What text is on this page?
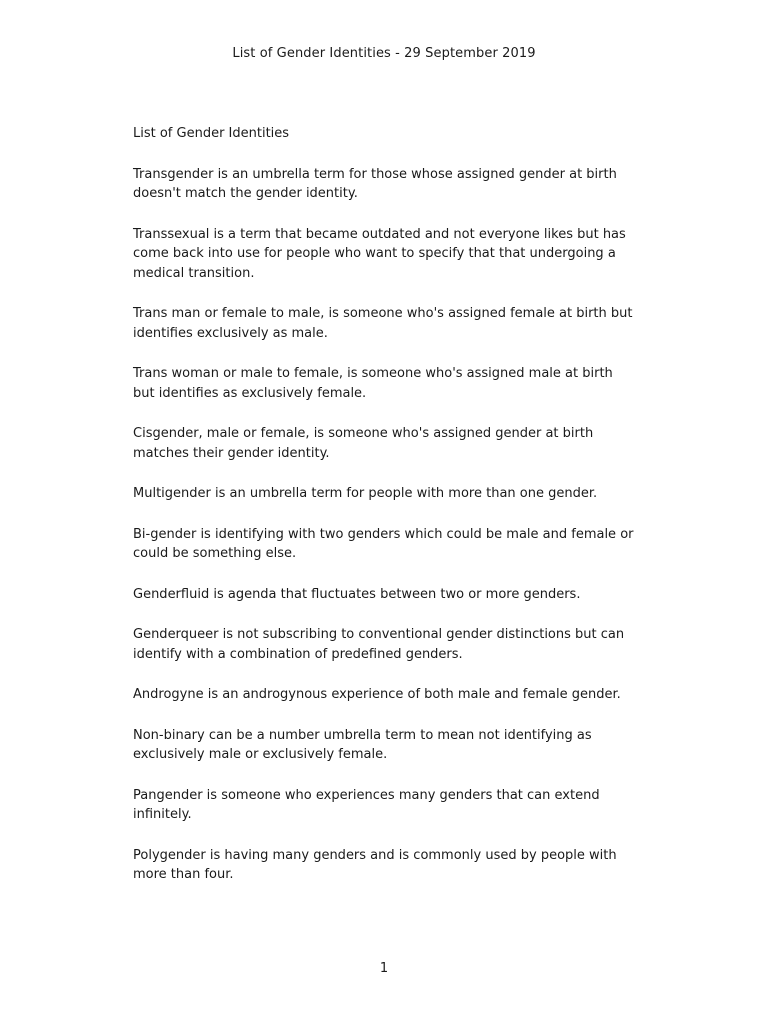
List of Gender Identities - 29 September 2019

List of Gender Identities

Transgender is an umbrella term for those whose assigned gender at birth doesn't match the gender identity.

Transsexual is a term that became outdated and not everyone likes but has come back into use for people who want to specify that that undergoing a medical transition.

Trans man or female to male, is someone who's assigned female at birth but identifies exclusively as male.

Trans woman or male to female, is someone who's assigned male at birth but identifies as exclusively female.

Cisgender, male or female, is someone who's assigned gender at birth matches their gender identity.

Multigender is an umbrella term for people with more than one gender.

Bi-gender is identifying with two genders which could be male and female or could be something else.

Genderfluid is agenda that fluctuates between two or more genders.

Genderqueer is not subscribing to conventional gender distinctions but can identify with a combination of predefined genders.

Androgyne is an androgynous experience of both male and female gender.

Non-binary can be a number umbrella term to mean not identifying as exclusively male or exclusively female.

Pangender is someone who experiences many genders that can extend infinitely.

Polygender is having many genders and is commonly used by people with more than four.

1
